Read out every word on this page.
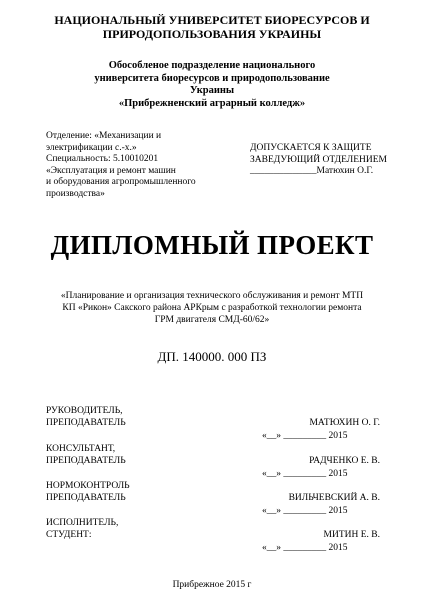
НАЦИОНАЛЬНЫЙ УНИВЕРСИТЕТ БИОРЕСУРСОВ И
ПРИРОДОПОЛЬЗОВАНИЯ УКРАИНЫ
Обособленое подразделение национального
университета биоресурсов и природопользование
Украины
«Прибрежненский аграрный колледж»
Отделение: «Механизации и
электрификации с.-х.»
Специальность: 5.10010201
«Эксплуатация и ремонт машин
и оборудования агропромышленного
производства»
ДОПУСКАЕТСЯ К ЗАЩИТЕ
ЗАВЕДУЮЩИЙ ОТДЕЛЕНИЕМ
______________Матюхин О.Г.
ДИПЛОМНЫЙ ПРОЕКТ
«Планирование и организация технического обслуживания и ремонт МТП
КП «Рикон» Сакского района АРКрым с разработкой технологии ремонта
ГРМ двигателя СМД-60/62»
ДП. 140000. 000 ПЗ
РУКОВОДИТЕЛЬ,
ПРЕПОДАВАТЕЛЬ	МАТЮХИН О. Г.
«__» _________ 2015
КОНСУЛЬТАНТ,
ПРЕПОДАВАТЕЛЬ	РАДЧЕНКО Е. В.
«__» _________ 2015
НОРМОКОНТРОЛЬ
ПРЕПОДАВАТЕЛЬ	ВИЛЬЧЕВСКИЙ А. В.
«__» _________ 2015
ИСПОЛНИТЕЛЬ,
СТУДЕНТ:	МИТИН Е. В.
«__» _________ 2015
Прибрежное 2015 г
